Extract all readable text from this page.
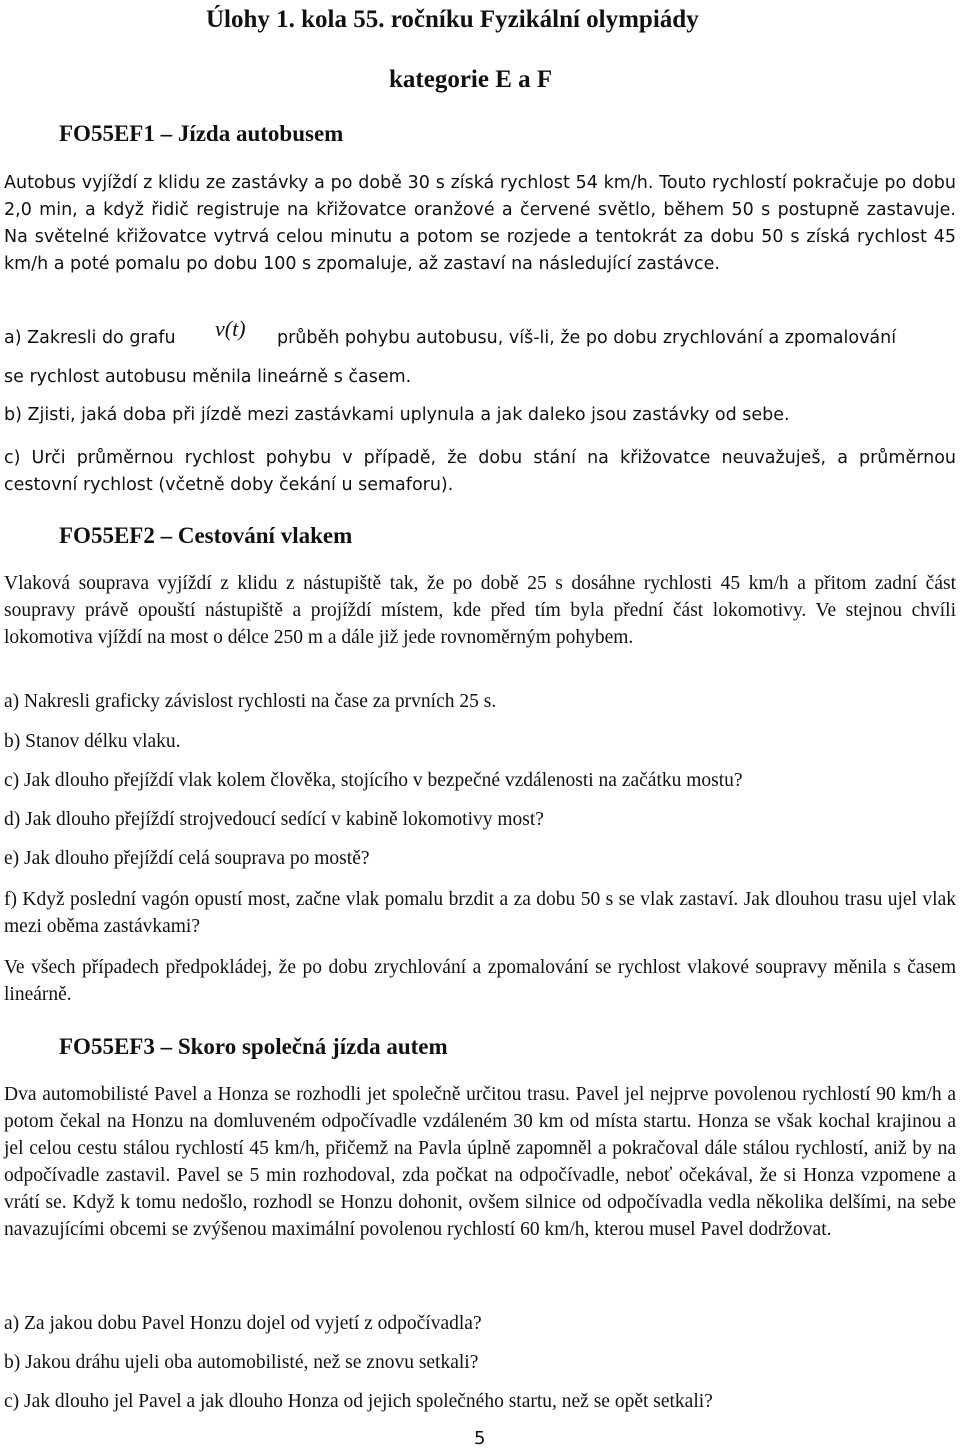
Úlohy 1. kola 55. ročníku Fyzikální olympiády
kategorie E a F
FO55EF1 – Jízda autobusem
Autobus vyjíždí z klidu ze zastávky a po době 30 s získá rychlost 54 km/h. Touto rychlostí pokračuje po dobu 2,0 min, a když řidič registruje na křižovatce oranžové a červené světlo, během 50 s postupně zastavuje. Na světelné křižovatce vytrvá celou minutu a potom se rozjede a tentokrát za dobu 50 s získá rychlost 45 km/h a poté pomalu po dobu 100 s zpomaluje, až zastaví na následující zastávce.
a) Zakresli do grafu v(t) průběh pohybu autobusu, víš-li, že po dobu zrychlování a zpomalování
se rychlost autobusu měnila lineárně s časem.
b) Zjisti, jaká doba při jízdě mezi zastávkami uplynula a jak daleko jsou zastávky od sebe.
c) Urči průměrnou rychlost pohybu v případě, že dobu stání na křižovatce neuvažuješ, a průměrnou cestovní rychlost (včetně doby čekání u semaforu).
FO55EF2 – Cestování vlakem
Vlaková souprava vyjíždí z klidu z nástupiště tak, že po době 25 s dosáhne rychlosti 45 km/h a přitom zadní část soupravy právě opouští nástupiště a projíždí místem, kde před tím byla přední část lokomotivy. Ve stejnou chvíli lokomotiva vjíždí na most o délce 250 m a dále již jede rovnoměrným pohybem.
a) Nakresli graficky závislost rychlosti na čase za prvních 25 s.
b) Stanov délku vlaku.
c) Jak dlouho přejíždí vlak kolem člověka, stojícího v bezpečné vzdálenosti na začátku mostu?
d) Jak dlouho přejíždí strojvedoucí sedící v kabině lokomotivy most?
e) Jak dlouho přejíždí celá souprava po mostě?
f) Když poslední vagón opustí most, začne vlak pomalu brzdit a za dobu 50 s se vlak zastaví. Jak dlouhou trasu ujel vlak mezi oběma zastávkami?
Ve všech případech předpokládej, že po dobu zrychlování a zpomalování se rychlost vlakové soupravy měnila s časem lineárně.
FO55EF3 – Skoro společná jízda autem
Dva automobilisté Pavel a Honza se rozhodli jet společně určitou trasu. Pavel jel nejprve povolenou rychlostí 90 km/h a potom čekal na Honzu na domluveném odpočívadle vzdáleném 30 km od místa startu. Honza se však kochal krajinou a jel celou cestu stálou rychlostí 45 km/h, přičemž na Pavla úplně zapomněl a pokračoval dále stálou rychlostí, aniž by na odpočívadle zastavil. Pavel se 5 min rozhodoval, zda počkat na odpočívadle, neboť očekával, že si Honza vzpomene a vrátí se. Když k tomu nedošlo, rozhodl se Honzu dohonit, ovšem silnice od odpočívadla vedla několika delšími, na sebe navazujícími obcemi se zvýšenou maximální povolenou rychlostí 60 km/h, kterou musel Pavel dodržovat.
a) Za jakou dobu Pavel Honzu dojel od vyjetí z odpočívadla?
b) Jakou dráhu ujeli oba automobilisté, než se znovu setkali?
c) Jak dlouho jel Pavel a jak dlouho Honza od jejich společného startu, než se opět setkali?
5
